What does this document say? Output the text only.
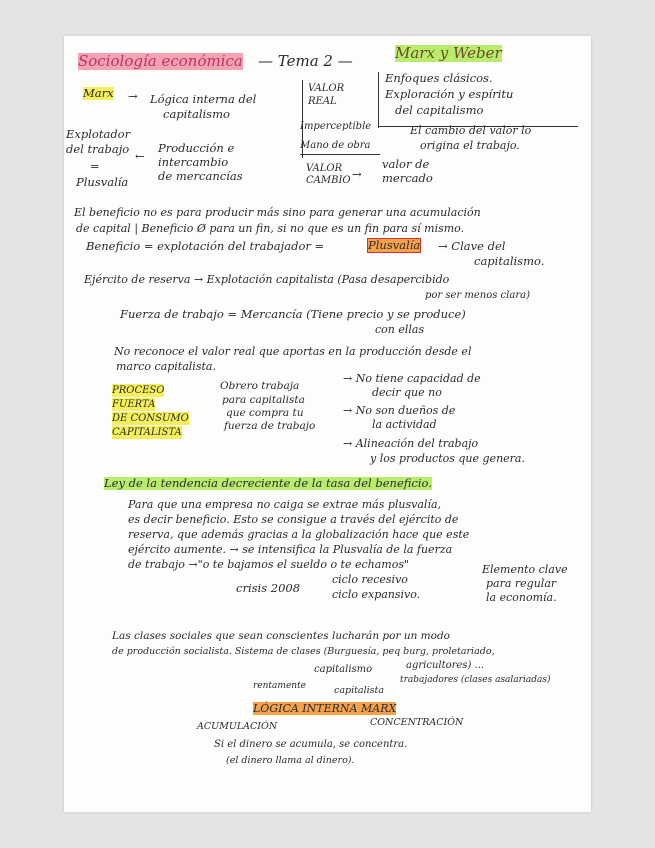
Sociología económica — Tema 2 —	Marx y Weber
Marx → Lógica interna del
capitalismo
VALOR
REAL
Imperceptible
Mano de obra
VALOR
CAMBIO →
valor de
mercado
Enfoques clásicos.
Exploración y espíritu
del capitalismo
El cambio del valor lo
origina el trabajo.
Explotador
del trabajo
=
Plusvalía
←
Producción e
intercambio
de mercancías
El beneficio no es para producir más sino para generar una acumulación
de capital | Beneficio Ø para un fin, si no que es un fin para sí mismo.
Beneficio = explotación del trabajador =	Plusvalía → Clave del
capitalismo.
Ejército de reserva → Explotación capitalista (Pasa desapercibido
por ser menos clara)
Fuerza de trabajo = Mercancía (Tiene precio y se produce)
con ellas
No reconoce el valor real que aportas en la producción desde el
marco capitalista.
PROCESO
FUERTA
DE CONSUMO
CAPITALISTA
Obrero trabaja
para capitalista
que compra tu
fuerza de trabajo
→ No tiene capacidad de
decir que no
→ No son dueños de
la actividad
→ Alineación del trabajo
y los productos que genera.
Ley de la tendencia decreciente de la tasa del beneficio.
Para que una empresa no caiga se extrae más plusvalía,
es decir beneficio. Esto se consigue a través del ejército de
reserva, que además gracias a la globalización hace que este
ejército aumente. → se intensifica la Plusvalía de la fuerza
de trabajo →"o te bajamos el sueldo o te echamos"
crisis 2008
ciclo recesivo
ciclo expansivo.
Elemento clave
para regular
la economía.
Las clases sociales que sean conscientes lucharán por un modo
de producción socialista. Sistema de clases (Burguesía, peq burg, proletariado,
agricultores) ...
capitalismo
trabajadores (clases asalariadas)
rentamente	capitalista
LÓGICA INTERNA MARX
ACUMULACIÓN	CONCENTRACIÓN
Si el dinero se acumula, se concentra.
(el dinero llama al dinero).
